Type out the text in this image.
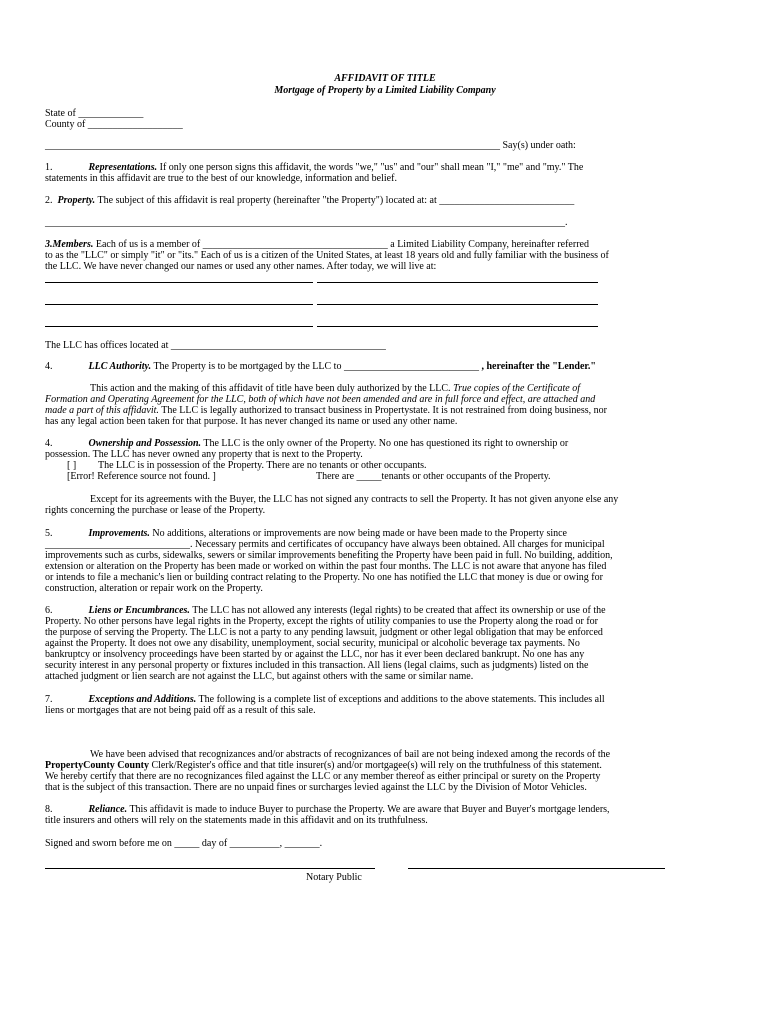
AFFIDAVIT OF TITLE
Mortgage of Property by a Limited Liability Company
State of _____________
County of ___________________
___________________________________________________________________________________________ Say(s) under oath:
1.	Representations. If only one person signs this affidavit, the words "we," "us" and "our" shall mean "I," "me" and "my." The
statements in this affidavit are true to the best of our knowledge, information and belief.
2. Property. The subject of this affidavit is real property (hereinafter "the Property") located at: at ___________________________
________________________________________________________________________________________________________.
3.Members. Each of us is a member of _____________________________________ a Limited Liability Company, hereinafter referred
to as the "LLC" or simply "it" or "its." Each of us is a citizen of the United States, at least 18 years old and fully familiar with the business of
the LLC. We have never changed our names or used any other names. After today, we will live at:
The LLC has offices located at ___________________________________________
4.	LLC Authority. The Property is to be mortgaged by the LLC to ___________________________ , hereinafter the "Lender."
This action and the making of this affidavit of title have been duly authorized by the LLC. True copies of the Certificate of
Formation and Operating Agreement for the LLC, both of which have not been amended and are in full force and effect, are attached and
made a part of this affidavit. The LLC is legally authorized to transact business in Propertystate. It is not restrained from doing business, nor
has any legal action been taken for that purpose. It has never changed its name or used any other name.
4.	Ownership and Possession. The LLC is the only owner of the Property. No one has questioned its right to ownership or
possession. The LLC has never owned any property that is next to the Property.
[ ] The LLC is in possession of the Property. There are no tenants or other occupants.
[Error! Reference source not found. ]	There are _____tenants or other occupants of the Property.
Except for its agreements with the Buyer, the LLC has not signed any contracts to sell the Property. It has not given anyone else any
rights concerning the purchase or lease of the Property.
5.	Improvements. No additions, alterations or improvements are now being made or have been made to the Property since
_____________________________. Necessary permits and certificates of occupancy have always been obtained. All charges for municipal
improvements such as curbs, sidewalks, sewers or similar improvements benefiting the Property have been paid in full. No building, addition,
extension or alteration on the Property has been made or worked on within the past four months. The LLC is not aware that anyone has filed
or intends to file a mechanic's lien or building contract relating to the Property. No one has notified the LLC that money is due or owing for
construction, alteration or repair work on the Property.
6.	Liens or Encumbrances. The LLC has not allowed any interests (legal rights) to be created that affect its ownership or use of the
Property. No other persons have legal rights in the Property, except the rights of utility companies to use the Property along the road or for
the purpose of serving the Property. The LLC is not a party to any pending lawsuit, judgment or other legal obligation that may be enforced
against the Property. It does not owe any disability, unemployment, social security, municipal or alcoholic beverage tax payments. No
bankruptcy or insolvency proceedings have been started by or against the LLC, nor has it ever been declared bankrupt. No one has any
security interest in any personal property or fixtures included in this transaction. All liens (legal claims, such as judgments) listed on the
attached judgment or lien search are not against the LLC, but against others with the same or similar name.
7.	Exceptions and Additions. The following is a complete list of exceptions and additions to the above statements. This includes all
liens or mortgages that are not being paid off as a result of this sale.
We have been advised that recognizances and/or abstracts of recognizances of bail are not being indexed among the records of the
PropertyCounty County Clerk/Register's office and that title insurer(s) and/or mortgagee(s) will rely on the truthfulness of this statement.
We hereby certify that there are no recognizances filed against the LLC or any member thereof as either principal or surety on the Property
that is the subject of this transaction. There are no unpaid fines or surcharges levied against the LLC by the Division of Motor Vehicles.
8.	Reliance. This affidavit is made to induce Buyer to purchase the Property. We are aware that Buyer and Buyer's mortgage lenders,
title insurers and others will rely on the statements made in this affidavit and on its truthfulness.
Signed and sworn before me on _____ day of __________, _______.
Notary Public
